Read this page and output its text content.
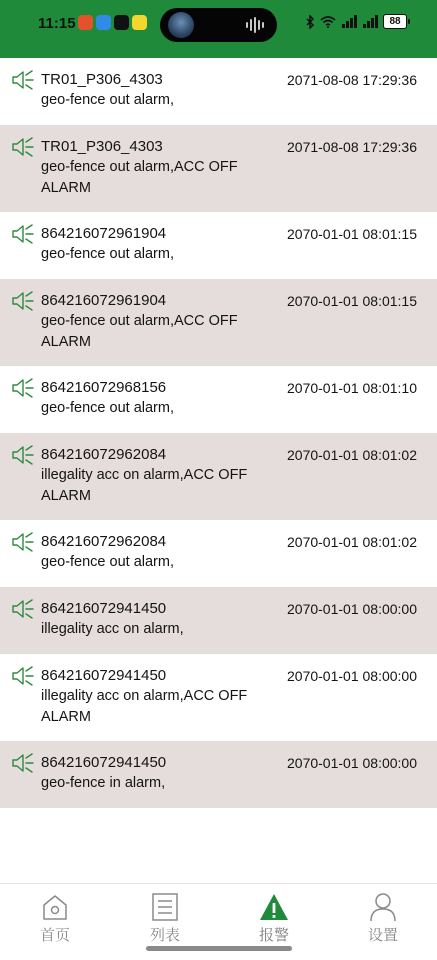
11:15	88
TR01_P306_4303	2071-08-08 17:29:36
geo-fence out alarm,
TR01_P306_4303	2071-08-08 17:29:36
geo-fence out alarm,ACC OFF ALARM
864216072961904	2070-01-01 08:01:15
geo-fence out alarm,
864216072961904	2070-01-01 08:01:15
geo-fence out alarm,ACC OFF ALARM
864216072968156	2070-01-01 08:01:10
geo-fence out alarm,
864216072962084	2070-01-01 08:01:02
illegality acc on alarm,ACC OFF ALARM
864216072962084	2070-01-01 08:01:02
geo-fence out alarm,
864216072941450	2070-01-01 08:00:00
illegality acc on alarm,
864216072941450	2070-01-01 08:00:00
illegality acc on alarm,ACC OFF ALARM
864216072941450	2070-01-01 08:00:00
geo-fence in alarm,
首页	列表	报警	设置
